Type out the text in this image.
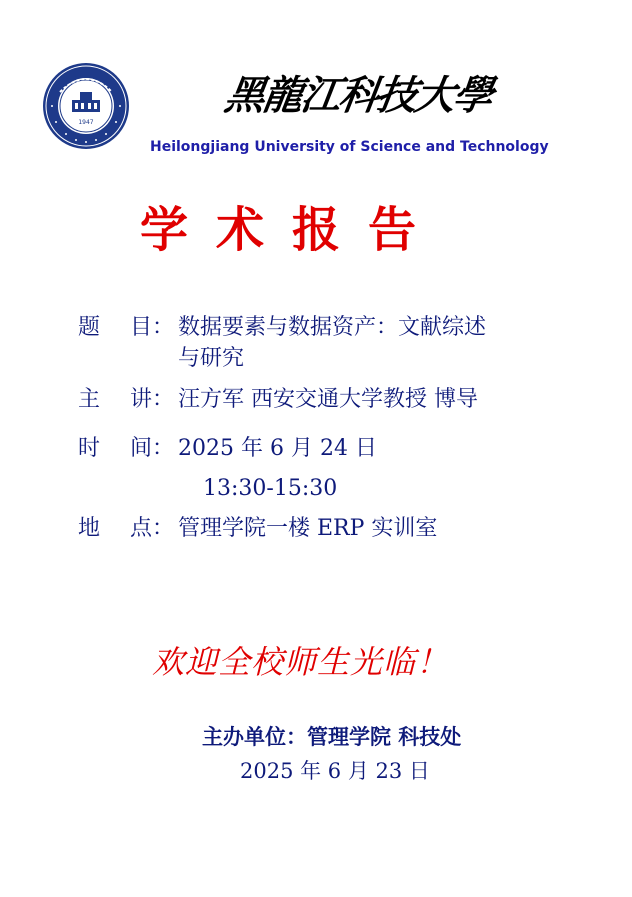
1947
黑龍江科技大學
Heilongjiang University of Science and Technology
学术报告
题 目： 数据要素与数据资产：文献综述
与研究
主 讲： 汪方军 西安交通大学教授 博导
时 间： 2025 年 6 月 24 日
13:30-15:30
地 点： 管理学院一楼 ERP 实训室
欢迎全校师生光临！
主办单位：管理学院 科技处
2025 年 6 月 23 日
